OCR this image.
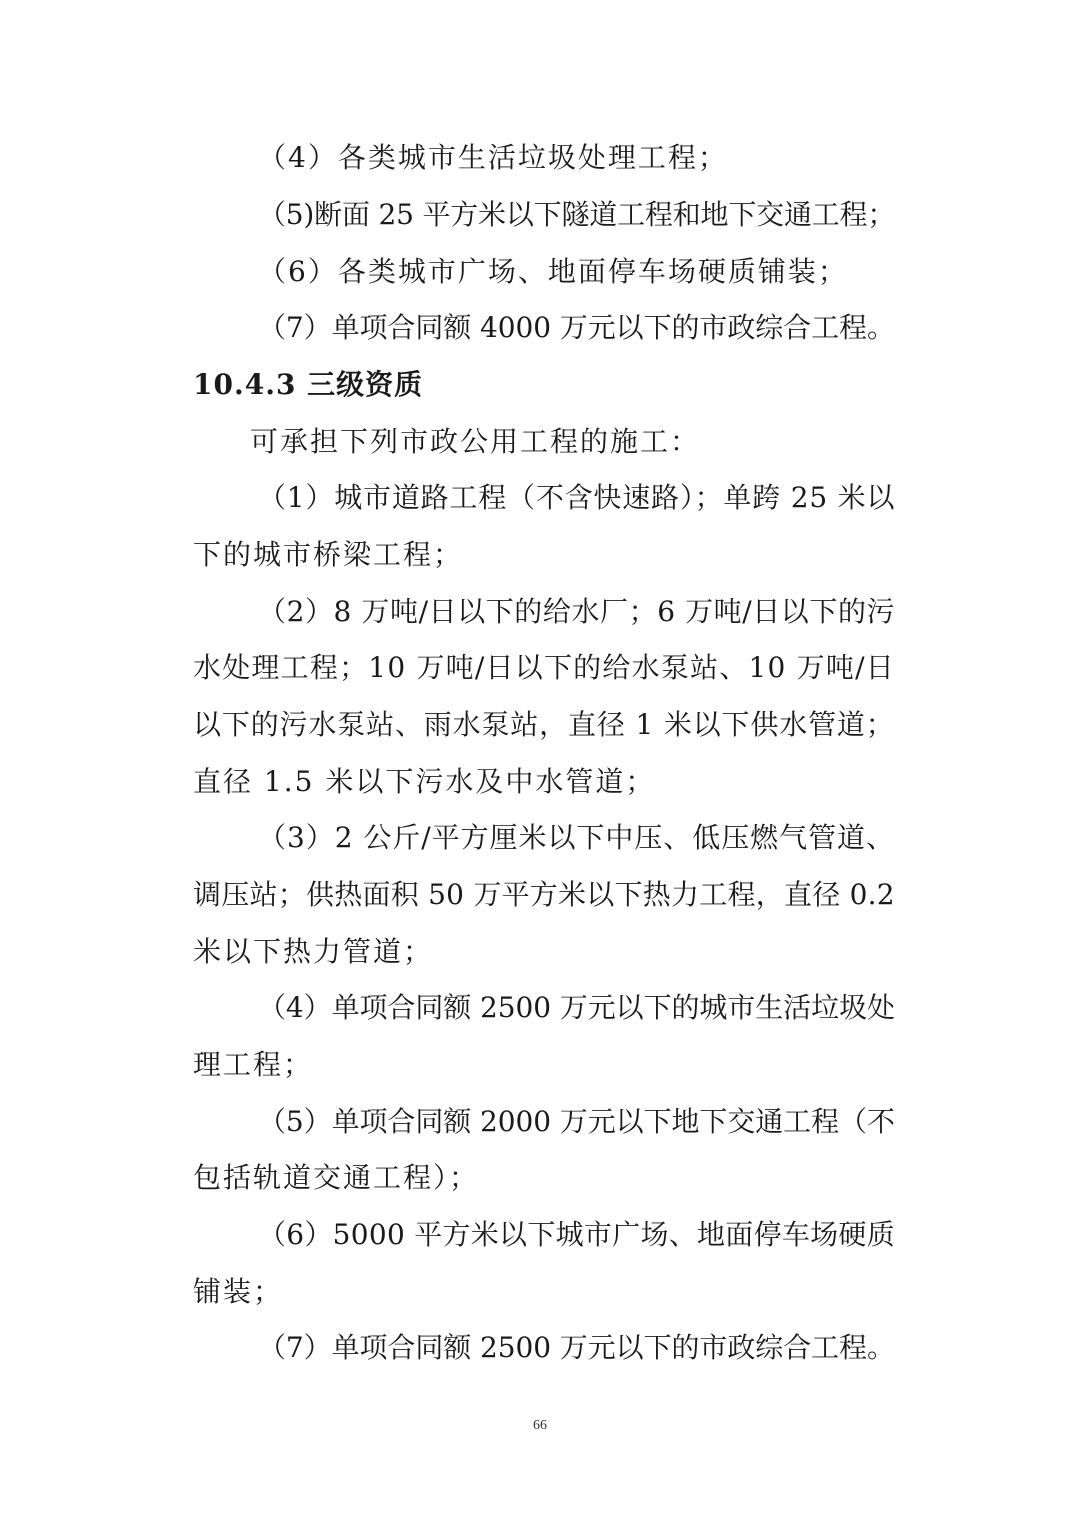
（4）各类城市生活垃圾处理工程；
（5)断面 25 平方米以下隧道工程和地下交通工程；
（6）各类城市广场、地面停车场硬质铺装；
（7）单项合同额 4000 万元以下的市政综合工程。
10.4.3 三级资质
可承担下列市政公用工程的施工：
（1）城市道路工程（不含快速路）；单跨 25 米以
下的城市桥梁工程；
（2）8 万吨/日以下的给水厂；6 万吨/日以下的污
水处理工程；10 万吨/日以下的给水泵站、10 万吨/日
以下的污水泵站、雨水泵站，直径 1 米以下供水管道；
直径 1.5 米以下污水及中水管道；
（3）2 公斤/平方厘米以下中压、低压燃气管道、
调压站；供热面积 50 万平方米以下热力工程，直径 0.2
米以下热力管道；
（4）单项合同额 2500 万元以下的城市生活垃圾处
理工程；
（5）单项合同额 2000 万元以下地下交通工程（不
包括轨道交通工程）；
（6）5000 平方米以下城市广场、地面停车场硬质
铺装；
（7）单项合同额 2500 万元以下的市政综合工程。
66
